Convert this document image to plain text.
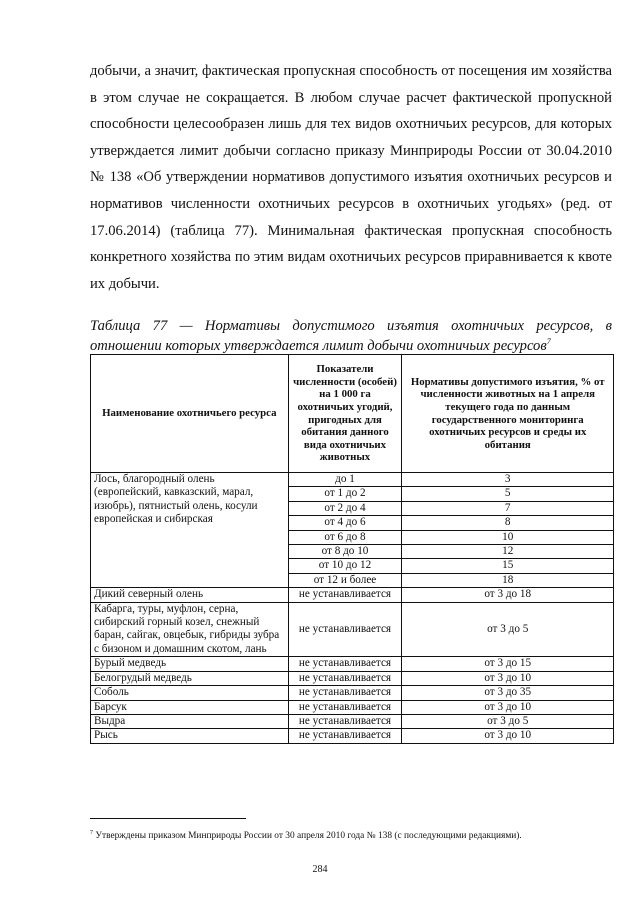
добычи, а значит, фактическая пропускная способность от посещения им хозяйства в этом случае не сокращается. В любом случае расчет фактической пропускной способности целесообразен лишь для тех видов охотничьих ресурсов, для которых утверждается лимит добычи согласно приказу Минприроды России от 30.04.2010 № 138 «Об утверждении нормативов допустимого изъятия охотничьих ресурсов и нормативов численности охотничьих ресурсов в охотничьих угодьях» (ред. от 17.06.2014) (таблица 77). Минимальная фактическая пропускная способность конкретного хозяйства по этим видам охотничьих ресурсов приравнивается к квоте их добычи.

Таблица 77 — Нормативы допустимого изъятия охотничьих ресурсов, в отношении которых утверждается лимит добычи охотничьих ресурсов$^7$
Наименование охотничьего ресурса	Показатели численности (особей) на 1 000 га охотничьих угодий, пригодных для обитания данного вида охотничьих животных	Нормативы допустимого изъятия, % от численности животных на 1 апреля текущего года по данным государственного мониторинга охотничьих ресурсов и среды их обитания
Лось, благородный олень (европейский, кавказский, марал, изюбрь), пятнистый олень, косули европейская и сибирская	до 1	3
	от 1 до 2	5
	от 2 до 4	7
	от 4 до 6	8
	от 6 до 8	10
	от 8 до 10	12
	от 10 до 12	15
	от 12 и более	18
Дикий северный олень	не устанавливается	от 3 до 18
Кабарга, туры, муфлон, серна, сибирский горный козел, снежный баран, сайгак, овцебык, гибриды зубра с бизоном и домашним скотом, лань	не устанавливается	от 3 до 5
Бурый медведь	не устанавливается	от 3 до 15
Белогрудый медведь	не устанавливается	от 3 до 10
Соболь	не устанавливается	от 3 до 35
Барсук	не устанавливается	от 3 до 10
Выдра	не устанавливается	от 3 до 5
Рысь	не устанавливается	от 3 до 10
$^7$ Утверждены приказом Минприроды России от 30 апреля 2010 года № 138 (с последующими редакциями).
284
